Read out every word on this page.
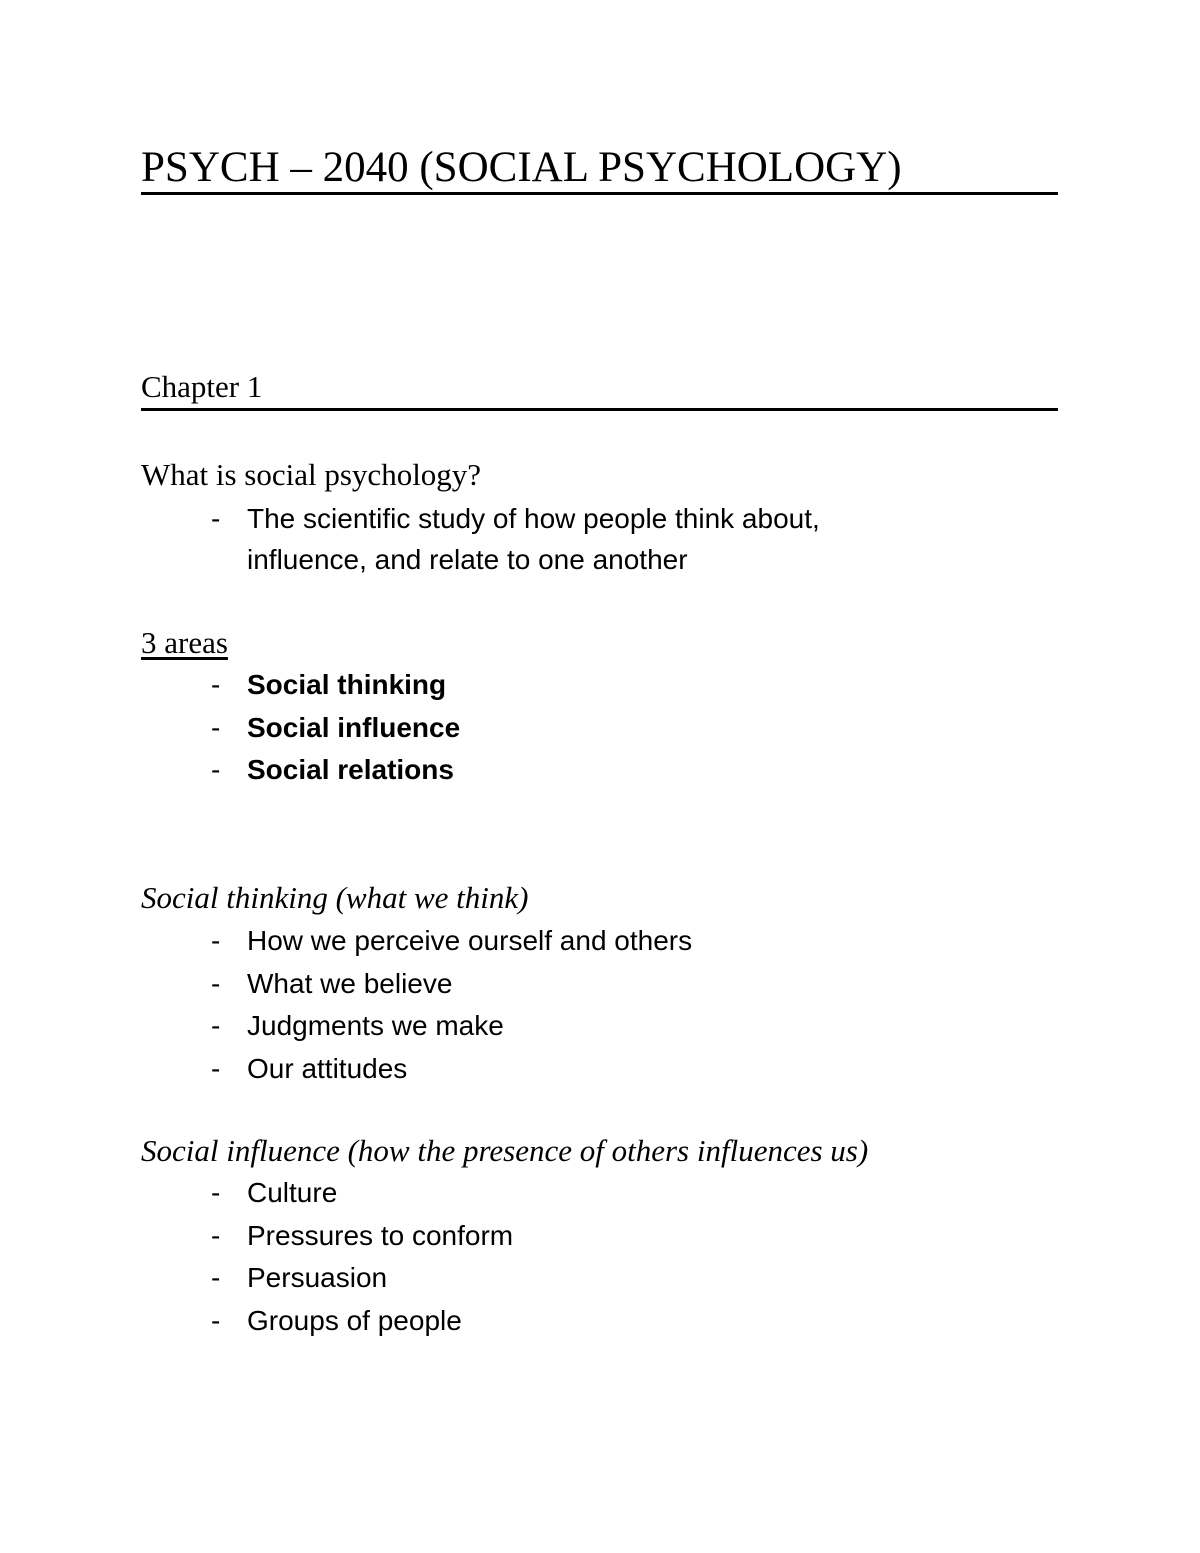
PSYCH – 2040 (SOCIAL PSYCHOLOGY)
Chapter 1
What is social psychology?
- The scientific study of how people think about, influence, and relate to one another
3 areas
- Social thinking
- Social influence
- Social relations
Social thinking (what we think)
- How we perceive ourself and others
- What we believe
- Judgments we make
- Our attitudes
Social influence (how the presence of others influences us)
- Culture
- Pressures to conform
- Persuasion
- Groups of people
